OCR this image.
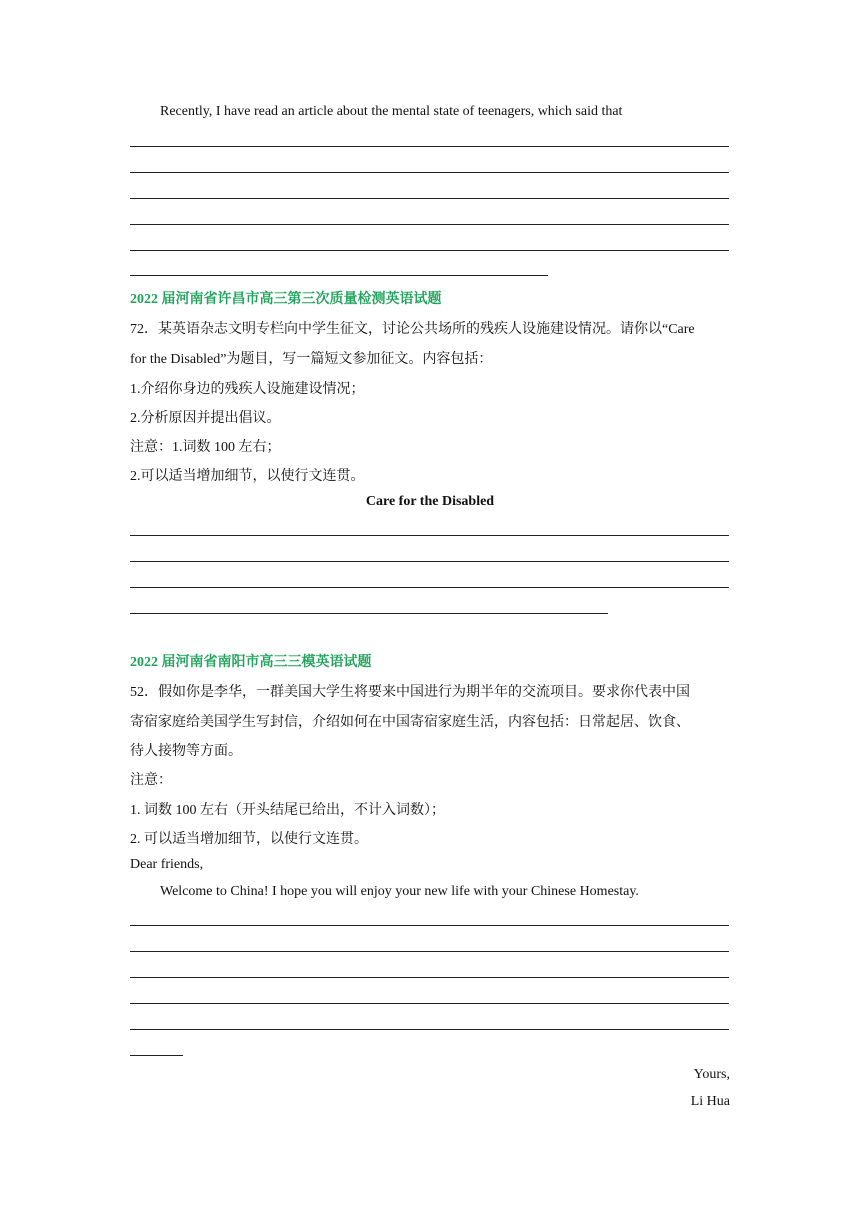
Recently, I have read an article about the mental state of teenagers, which said that
2022 届河南省许昌市高三第三次质量检测英语试题
72．某英语杂志文明专栏向中学生征文，讨论公共场所的残疾人设施建设情况。请你以“Care
for the Disabled”为题目，写一篇短文参加征文。内容包括：
1.介绍你身边的残疾人设施建设情况；
2.分析原因并提出倡议。
注意：1.词数 100 左右；
2.可以适当增加细节，以使行文连贯。
Care for the Disabled
2022 届河南省南阳市高三三模英语试题
52．假如你是李华，一群美国大学生将要来中国进行为期半年的交流项目。要求你代表中国
寄宿家庭给美国学生写封信，介绍如何在中国寄宿家庭生活，内容包括：日常起居、饮食、
待人接物等方面。
注意：
1. 词数 100 左右（开头结尾已给出，不计入词数）；
2. 可以适当增加细节，以使行文连贯。
Dear friends,
Welcome to China! I hope you will enjoy your new life with your Chinese Homestay.
Yours,
Li Hua
